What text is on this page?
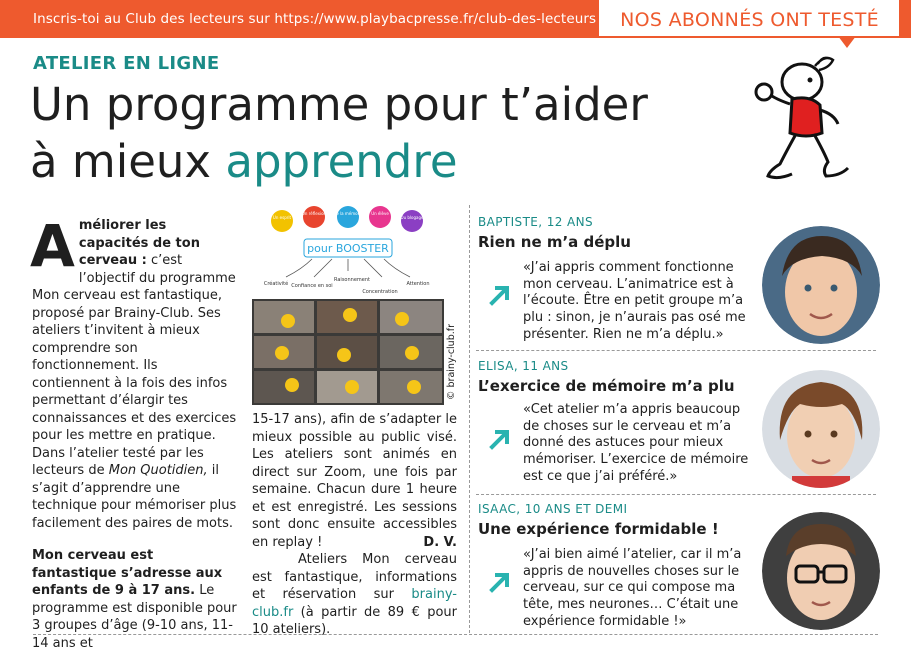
Inscris-toi au Club des lecteurs sur https://www.playbacpresse.fr/club-des-lecteurs	NOS ABONNÉS ONT TESTÉ
ATELIER EN LIGNE
Un programme pour t’aider
à mieux apprendre

Améliorer les capacités de ton cerveau : c’est l’objectif du programme Mon cerveau est fantastique, proposé par Brainy-Club. Ses ateliers t’invitent à mieux comprendre son fonctionnement. Ils contiennent à la fois des infos permettant d’élargir tes connaissances et des exercices pour les mettre en pratique. Dans l’atelier testé par les lecteurs de Mon Quotidien, il s’agit d’apprendre une technique pour mémoriser plus facilement des paires de mots.

Mon cerveau est fantastique s’adresse aux enfants de 9 à 17 ans. Le programme est disponible pour 3 groupes d’âge (9-10 ans, 11-14 ans et

Un esprit
Un réflexion De la mémoire Un élève
Du blogage
pour BOOSTER
Créativité Confiance en soi
Raisonnement
Concentration
Attention
© brainy-club.fr

15-17 ans), afin de s’adapter le mieux possible au public visé. Les ateliers sont animés en direct sur Zoom, une fois par semaine. Chacun dure 1 heure et est enregistré. Les sessions sont donc ensuite accessibles en replay !	D. V.

Ateliers Mon cerveau est fantastique, informations et réservation sur brainy-club.fr (à partir de 89 € pour 10 ateliers).

BAPTISTE, 12 ANS
Rien ne m’a déplu
«J’ai appris comment fonctionne mon cerveau. L’animatrice est à l’écoute. Être en petit groupe m’a plu : sinon, je n’aurais pas osé me présenter. Rien ne m’a déplu.»
ELISA, 11 ANS
L’exercice de mémoire m’a plu
«Cet atelier m’a appris beaucoup de choses sur le cerveau et m’a donné des astuces pour mieux mémoriser. L’exercice de mémoire est ce que j’ai préféré.»
ISAAC, 10 ANS ET DEMI
Une expérience formidable !
«J’ai bien aimé l’atelier, car il m’a appris de nouvelles choses sur le cerveau, sur ce qui compose ma tête, mes neurones… C’était une expérience formidable !»
